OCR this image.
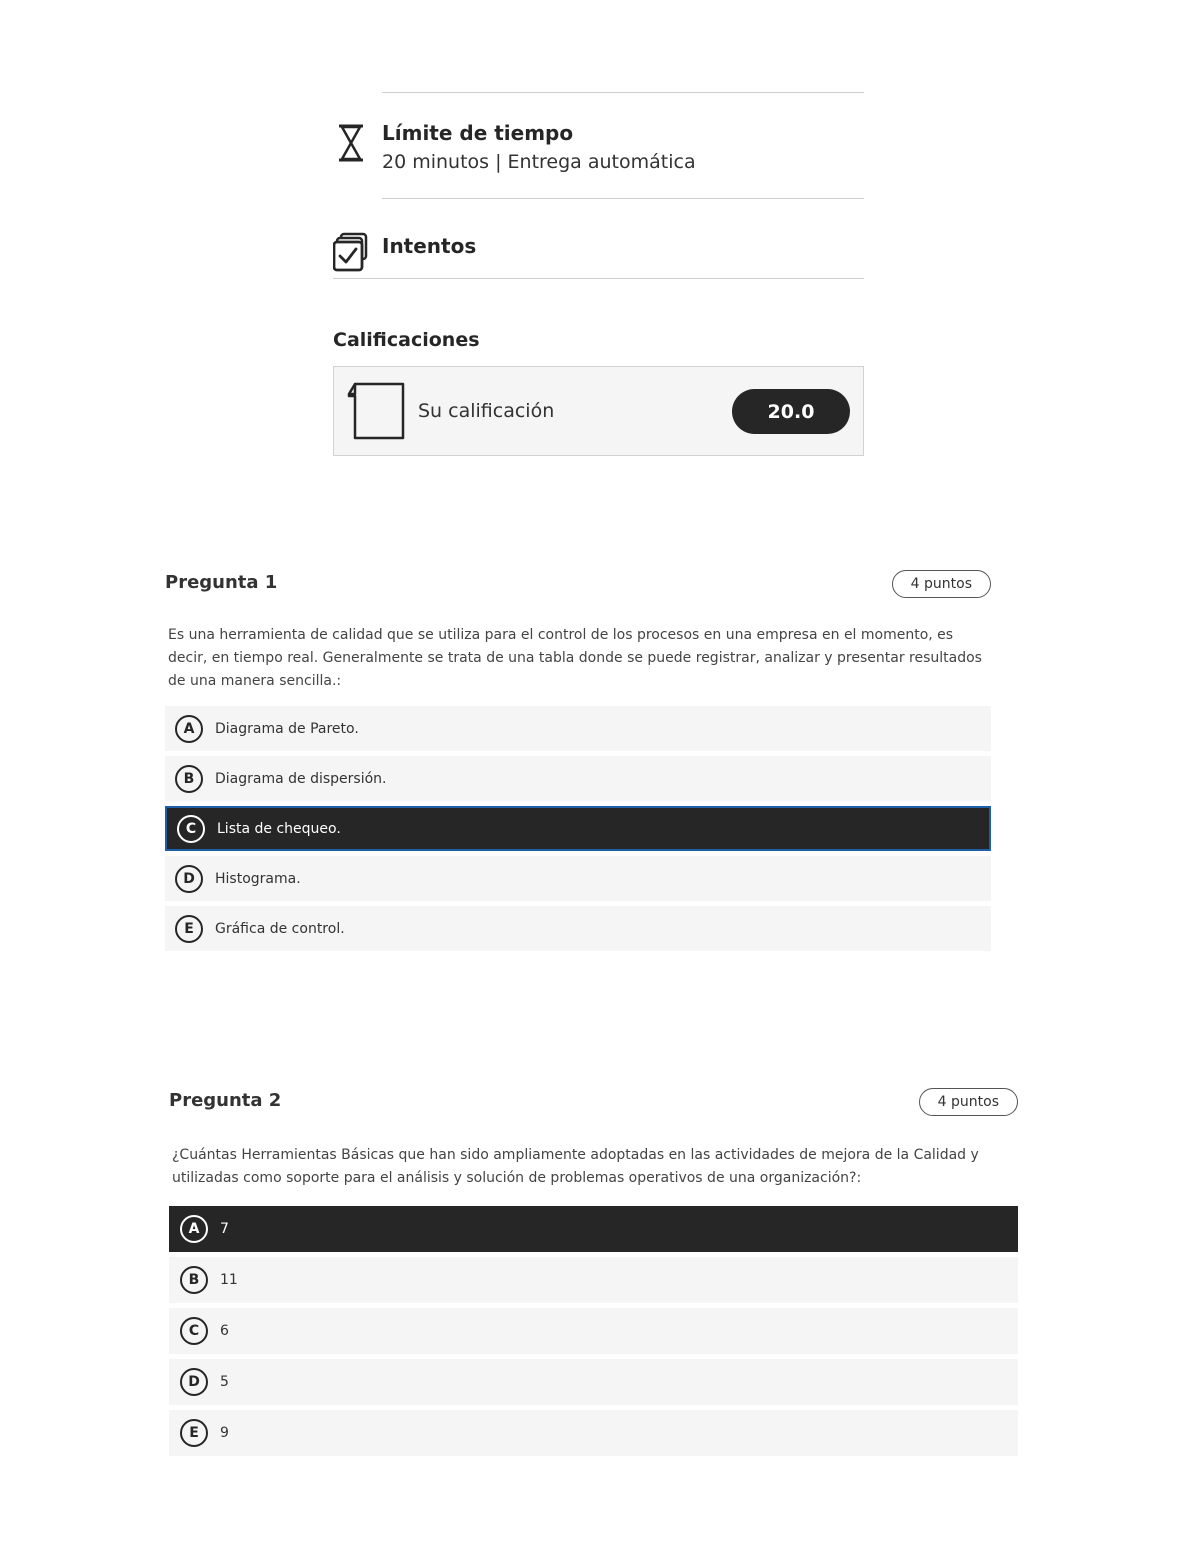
Límite de tiempo
20 minutos | Entrega automática
Intentos
Calificaciones
Su calificación	20.0
Pregunta 1	4 puntos
Es una herramienta de calidad que se utiliza para el control de los procesos en una empresa en el momento, es decir, en tiempo real. Generalmente se trata de una tabla donde se puede registrar, analizar y presentar resultados de una manera sencilla.:
A	Diagrama de Pareto.
B	Diagrama de dispersión.
C	Lista de chequeo.
D	Histograma.
E	Gráfica de control.
Pregunta 2	4 puntos
¿Cuántas Herramientas Básicas que han sido ampliamente adoptadas en las actividades de mejora de la Calidad y utilizadas como soporte para el análisis y solución de problemas operativos de una organización?:
A	7
B	11
C	6
D	5
E	9
